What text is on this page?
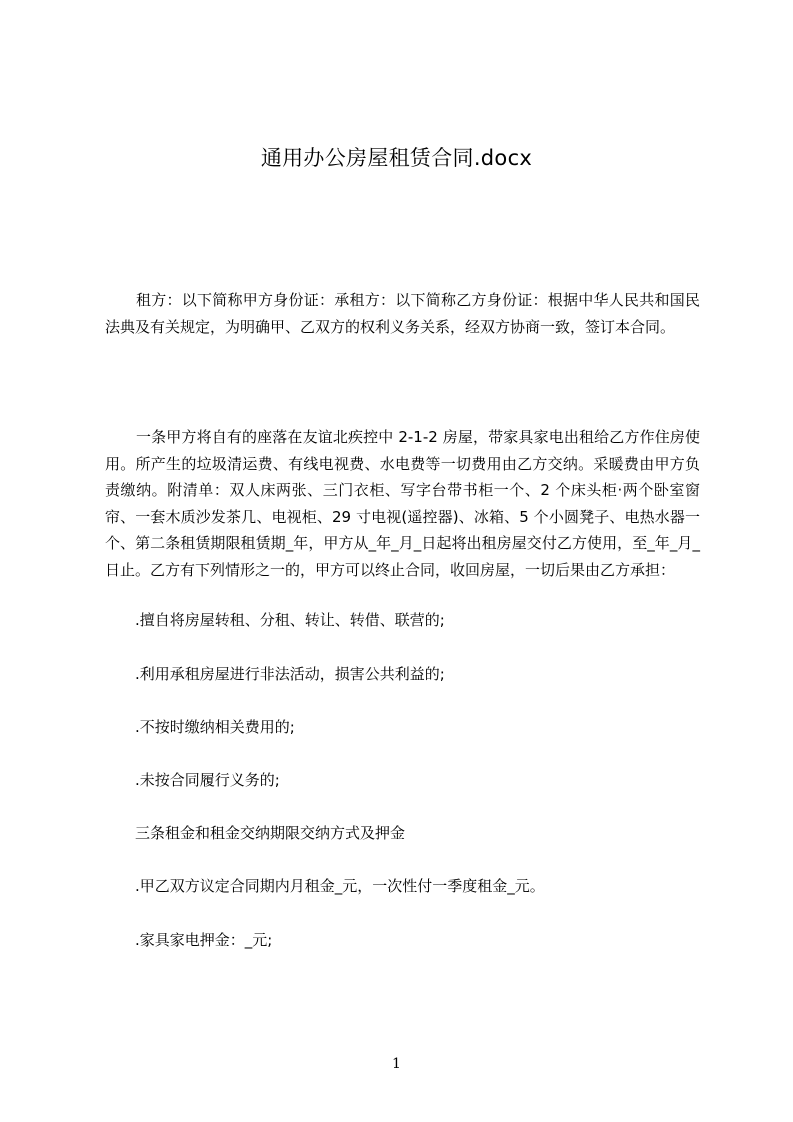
通用办公房屋租赁合同.docx

租方：以下简称甲方身份证：承租方：以下简称乙方身份证：根据中华人民共和国民法典及有关规定，为明确甲、乙双方的权利义务关系，经双方协商一致，签订本合同。

一条甲方将自有的座落在友谊北疾控中 2-1-2 房屋，带家具家电出租给乙方作住房使用。所产生的垃圾清运费、有线电视费、水电费等一切费用由乙方交纳。采暖费由甲方负责缴纳。附清单：双人床两张、三门衣柜、写字台带书柜一个、2 个床头柜·两个卧室窗帘、一套木质沙发茶几、电视柜、29 寸电视(遥控器)、冰箱、5 个小圆凳子、电热水器一个、第二条租赁期限租赁期_年，甲方从_年_月_日起将出租房屋交付乙方使用，至_年_月_日止。乙方有下列情形之一的，甲方可以终止合同，收回房屋，一切后果由乙方承担：

.擅自将房屋转租、分租、转让、转借、联营的;
.利用承租房屋进行非法活动，损害公共利益的;
.不按时缴纳相关费用的;
.未按合同履行义务的;
三条租金和租金交纳期限交纳方式及押金
.甲乙双方议定合同期内月租金_元，一次性付一季度租金_元。
.家具家电押金：_元;
1
